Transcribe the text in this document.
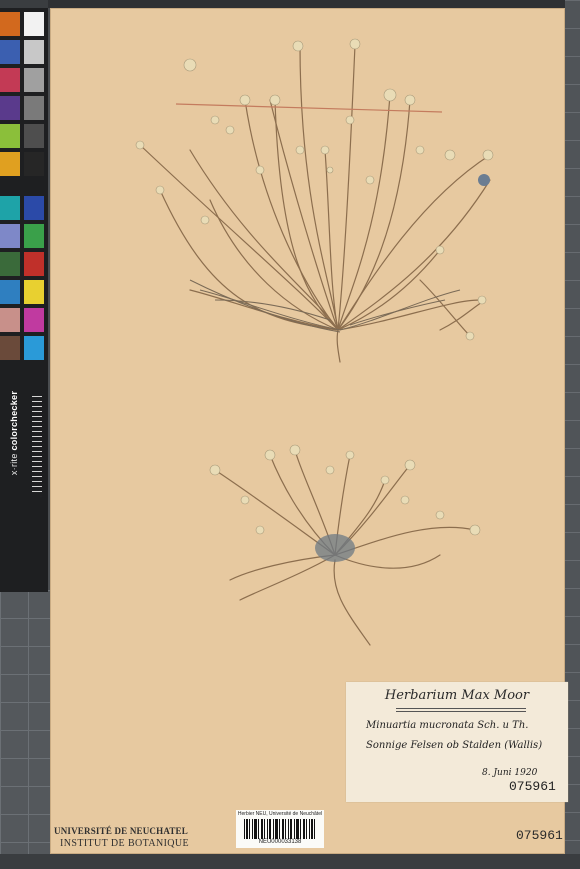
x·rite colorchecker
Herbarium Max Moor
Minuartia mucronata Sch. u Th.
Sonnige Felsen ob Stalden (Wallis)
8. Juni 1920
075961
UNIVERSITÉ DE NEUCHATEL
INSTITUT DE BOTANIQUE
Herbier NEU, Université de Neuchâtel
NEU000033138	075961
